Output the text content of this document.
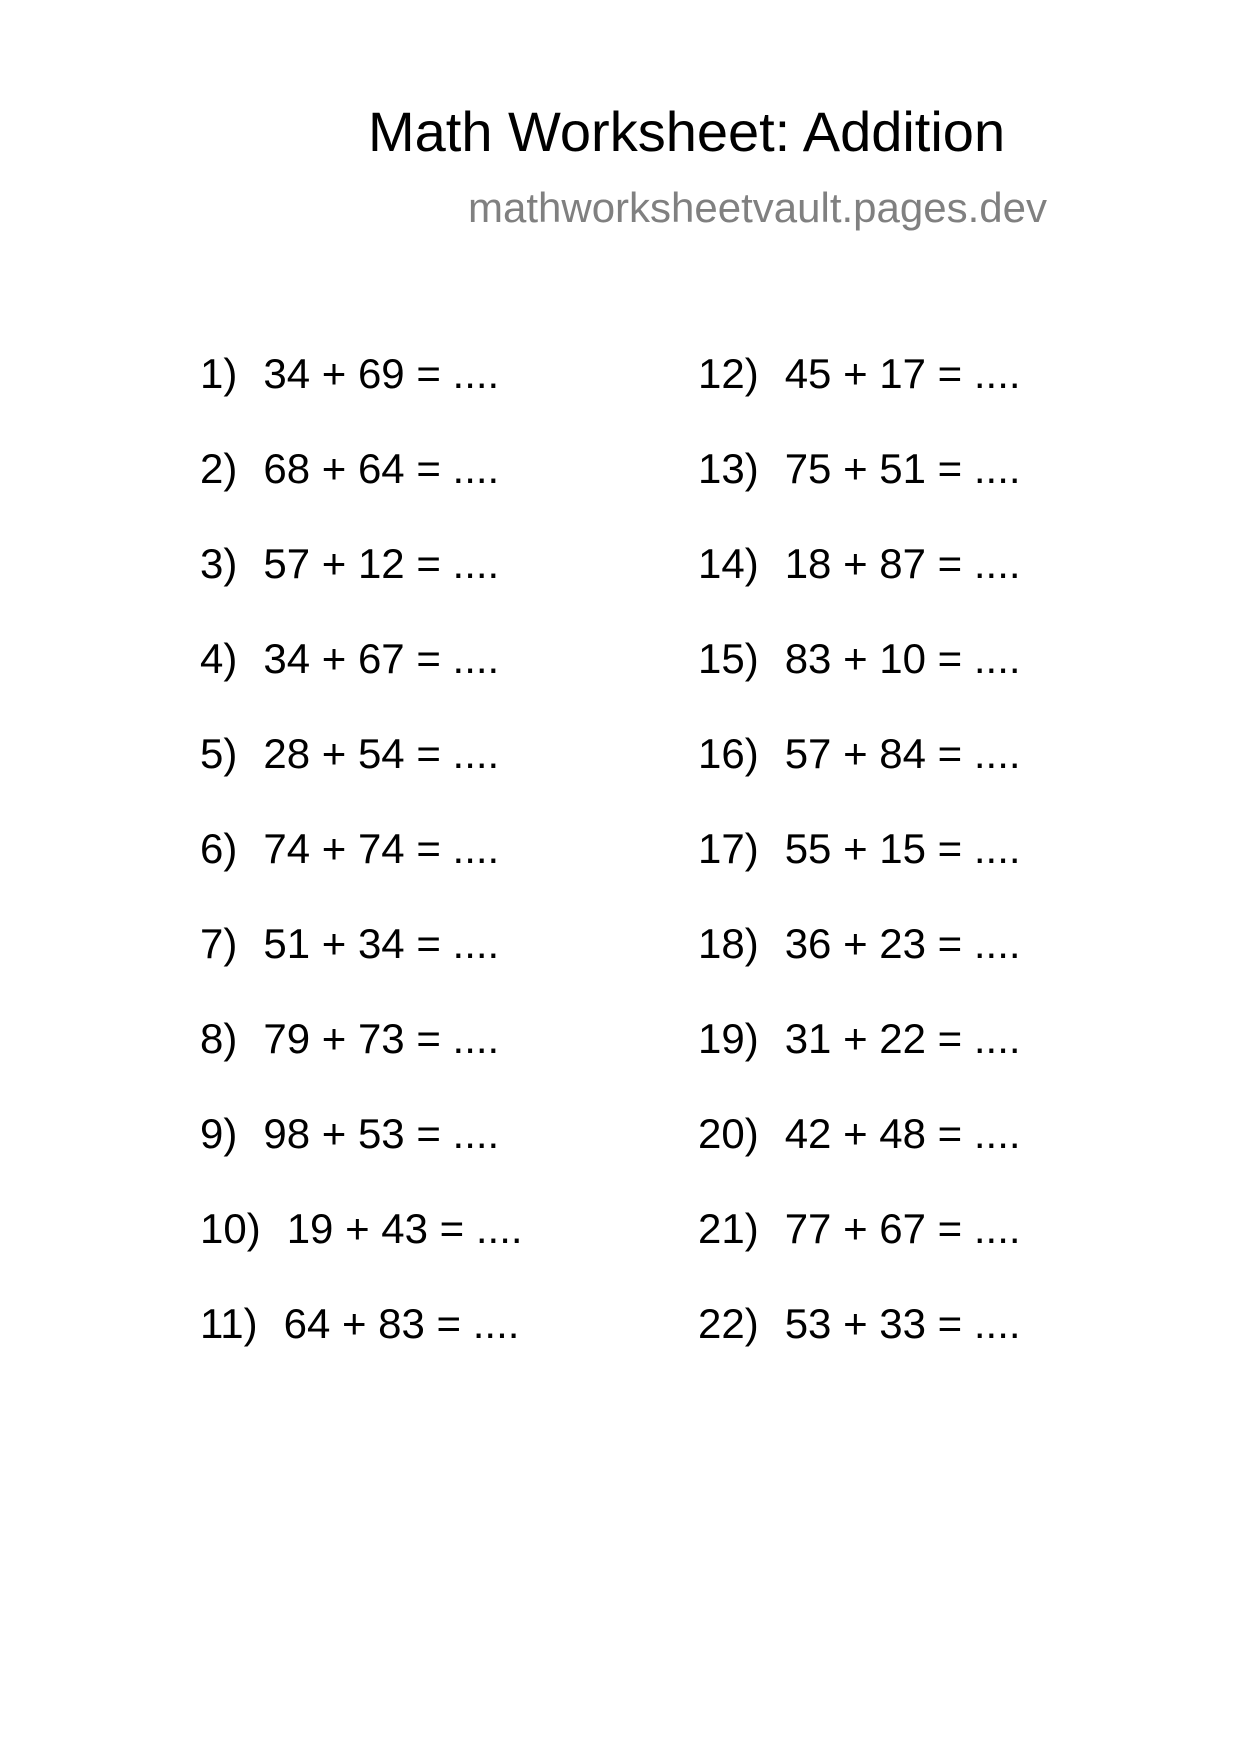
Math Worksheet: Addition
mathworksheetvault.pages.dev
1) 34 + 69 = ....
2) 68 + 64 = ....
3) 57 + 12 = ....
4) 34 + 67 = ....
5) 28 + 54 = ....
6) 74 + 74 = ....
7) 51 + 34 = ....
8) 79 + 73 = ....
9) 98 + 53 = ....
10) 19 + 43 = ....
11) 64 + 83 = ....
12) 45 + 17 = ....
13) 75 + 51 = ....
14) 18 + 87 = ....
15) 83 + 10 = ....
16) 57 + 84 = ....
17) 55 + 15 = ....
18) 36 + 23 = ....
19) 31 + 22 = ....
20) 42 + 48 = ....
21) 77 + 67 = ....
22) 53 + 33 = ....
